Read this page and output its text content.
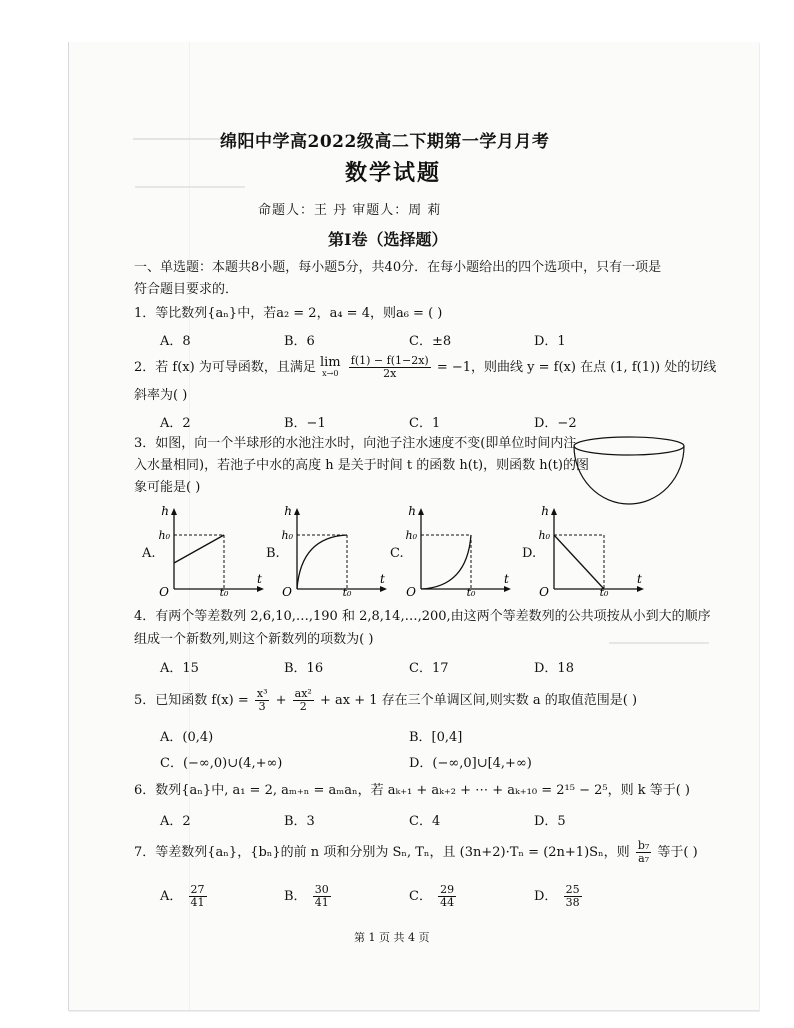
绵阳中学高2022级高二下期第一学月月考
数学试题
命题人：王 丹 审题人：周 莉
第I卷（选择题）
一、单选题：本题共8小题，每小题5分，共40分．在每小题给出的四个选项中，只有一项是
符合题目要求的．
1．等比数列{aₙ}中，若a₂ = 2，a₄ = 4，则a₆ = ( )
A．8	B．6	C．±8	D．1
2．若 f(x) 为可导函数，且满足 lim
x→0
$\frac{f(1) - f(1-2x)}{2x} = -1$，则曲线 y = f(x) 在点 (1, f(1)) 处的切线
斜率为( )
A．2	B．−1	C．1	D．−2
3．如图，向一个半球形的水池注水时，向池子注水速度不变(即单位时间内注
入水量相同)，若池子中水的高度 h 是关于时间 t 的函数 h(t)，则函数 h(t)的图
象可能是( )
A.
h
h₀
O	t₀
t
B.
h
h₀
O	t₀
t
C.
h
h₀
O	t₀
t
D.
h
h₀
O	t₀
t
4．有两个等差数列 2,6,10,…,190 和 2,8,14,…,200,由这两个等差数列的公共项按从小到大的顺序
组成一个新数列,则这个新数列的项数为( )
A．15	B．16	C．17	D．18
5．已知函数 $f(x) = \frac{\text{x³}}{3} + \frac{\text{ax²}}{2}$ + ax + 1 存在三个单调区间,则实数 a 的取值范围是( )
A．(0,4)	B．[0,4]
C．(−∞,0)∪(4,+∞)	D．(−∞,0]∪[4,+∞)
6．数列{aₙ}中, a₁ = 2, aₘ₊ₙ = aₘaₙ，若 aₖ₊₁ + aₖ₊₂ + ⋯ + aₖ₊₁₀ = 2¹⁵ − 2⁵，则 k 等于( )
A．2	B．3	C．4	D．5
7．等差数列{aₙ}，{bₙ}的前 n 项和分别为 Sₙ, Tₙ，且 (3n+2)·Tₙ = (2n+1)Sₙ，则 $\frac{\text{b₇}}{\text{a₇}}$ 等于( )
A． $\frac{27}{41}$	B． $\frac{30}{41}$	C． $\frac{29}{44}$	D． $\frac{25}{38}$
第 1 页 共 4 页
